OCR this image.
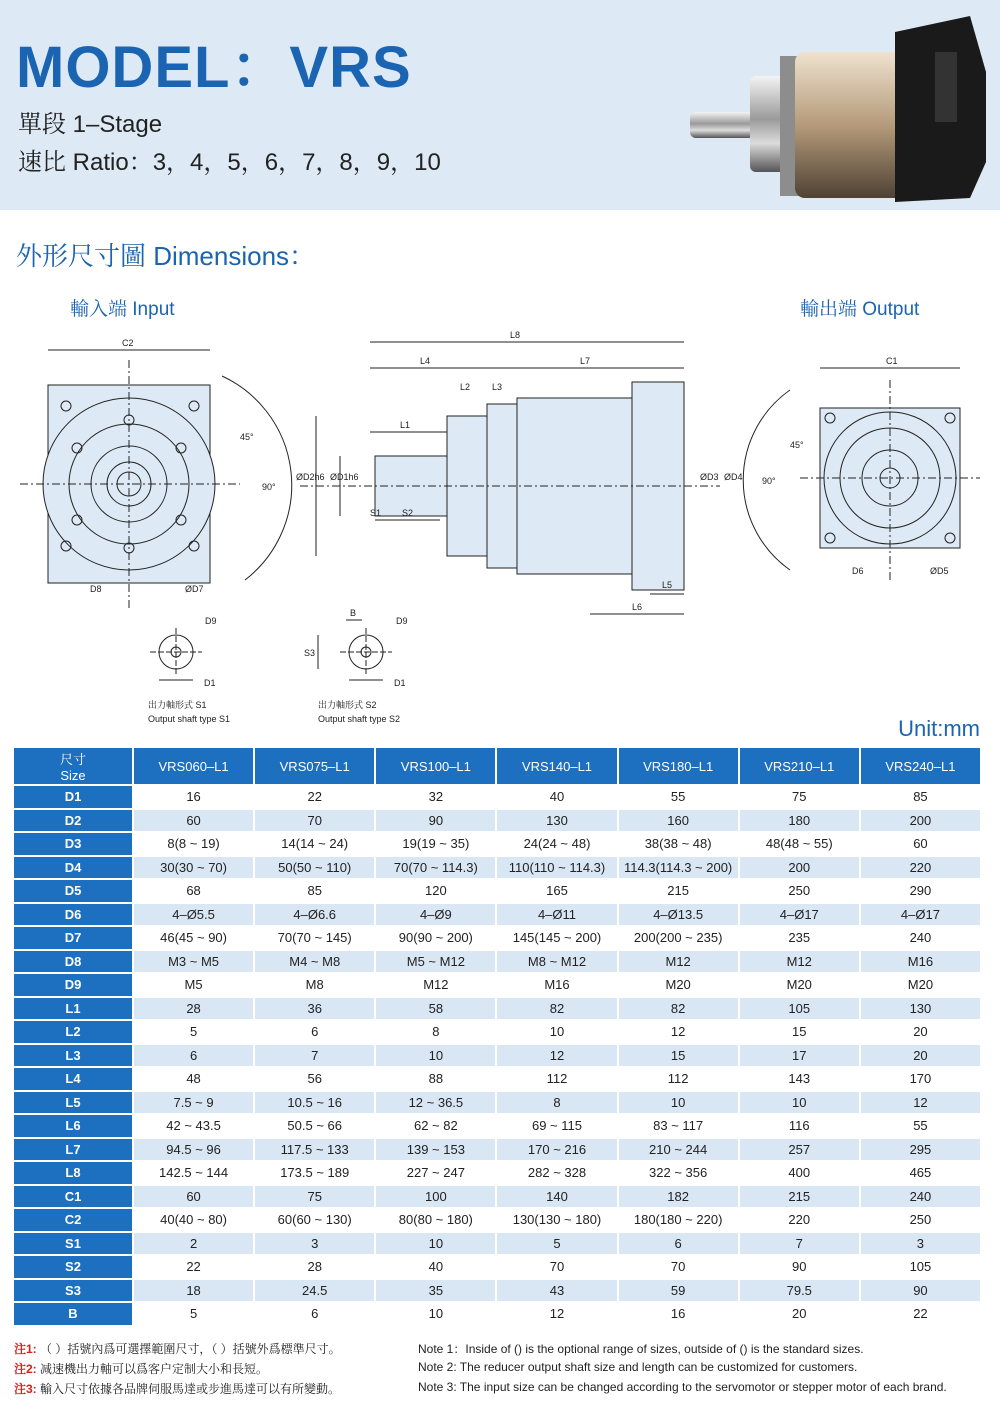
MODEL：VRS
單段 1–Stage
速比 Ratio：3，4，5，6，7，8，9，10
外形尺寸圖 Dimensions：
輸入端 Input	輸出端 Output
C2
45°
90°
D8	ØD7
L8
L4	L7
L2 L3
L1
ØD2h6 ØD1h6
S1 S2
ØD3 ØD4
L5
L6
C1
45°
90°
D6	ØD5
D9
D1
出力軸形式 S1
Output shaft type S1
B
D9
S3
D1
出力軸形式 S2
Output shaft type S2	Unit:mm
尺寸
Size	VRS060–L1	VRS075–L1	VRS100–L1	VRS140–L1	VRS180–L1	VRS210–L1	VRS240–L1
D1	16	22	32	40	55	75	85
D2	60	70	90	130	160	180	200
D3	8(8 ~ 19)	14(14 ~ 24)	19(19 ~ 35)	24(24 ~ 48)	38(38 ~ 48)	48(48 ~ 55)	60
D4	30(30 ~ 70)	50(50 ~ 110)	70(70 ~ 114.3)	110(110 ~ 114.3)	114.3(114.3 ~ 200)	200	220
D5	68	85	120	165	215	250	290
D6	4–Ø5.5	4–Ø6.6	4–Ø9	4–Ø11	4–Ø13.5	4–Ø17	4–Ø17
D7	46(45 ~ 90)	70(70 ~ 145)	90(90 ~ 200)	145(145 ~ 200)	200(200 ~ 235)	235	240
D8	M3 ~ M5	M4 ~ M8	M5 ~ M12	M8 ~ M12	M12	M12	M16
D9	M5	M8	M12	M16	M20	M20	M20
L1	28	36	58	82	82	105	130
L2	5	6	8	10	12	15	20
L3	6	7	10	12	15	17	20
L4	48	56	88	112	112	143	170
L5	7.5 ~ 9	10.5 ~ 16	12 ~ 36.5	8	10	10	12
L6	42 ~ 43.5	50.5 ~ 66	62 ~ 82	69 ~ 115	83 ~ 117	116	55
L7	94.5 ~ 96	117.5 ~ 133	139 ~ 153	170 ~ 216	210 ~ 244	257	295
L8	142.5 ~ 144	173.5 ~ 189	227 ~ 247	282 ~ 328	322 ~ 356	400	465
C1	60	75	100	140	182	215	240
C2	40(40 ~ 80)	60(60 ~ 130)	80(80 ~ 180)	130(130 ~ 180)	180(180 ~ 220)	220	250
S1	2	3	10	5	6	7	3
S2	22	28	40	70	70	90	105
S3	18	24.5	35	43	59	79.5	90
B	5	6	10	12	16	20	22
注1: （ ）括號內爲可選擇範圍尺寸，（ ）括號外爲標準尺寸。	Note 1：Inside of () is the optional range of sizes, outside of () is the standard sizes.
注2: 减速機出力軸可以爲客户定制大小和長短。	Note 2: The reducer output shaft size and length can be customized for customers.
注3: 輸入尺寸依據各品牌伺服馬達或步進馬達可以有所變動。	Note 3: The input size can be changed according to the servomotor or stepper motor of each brand.
